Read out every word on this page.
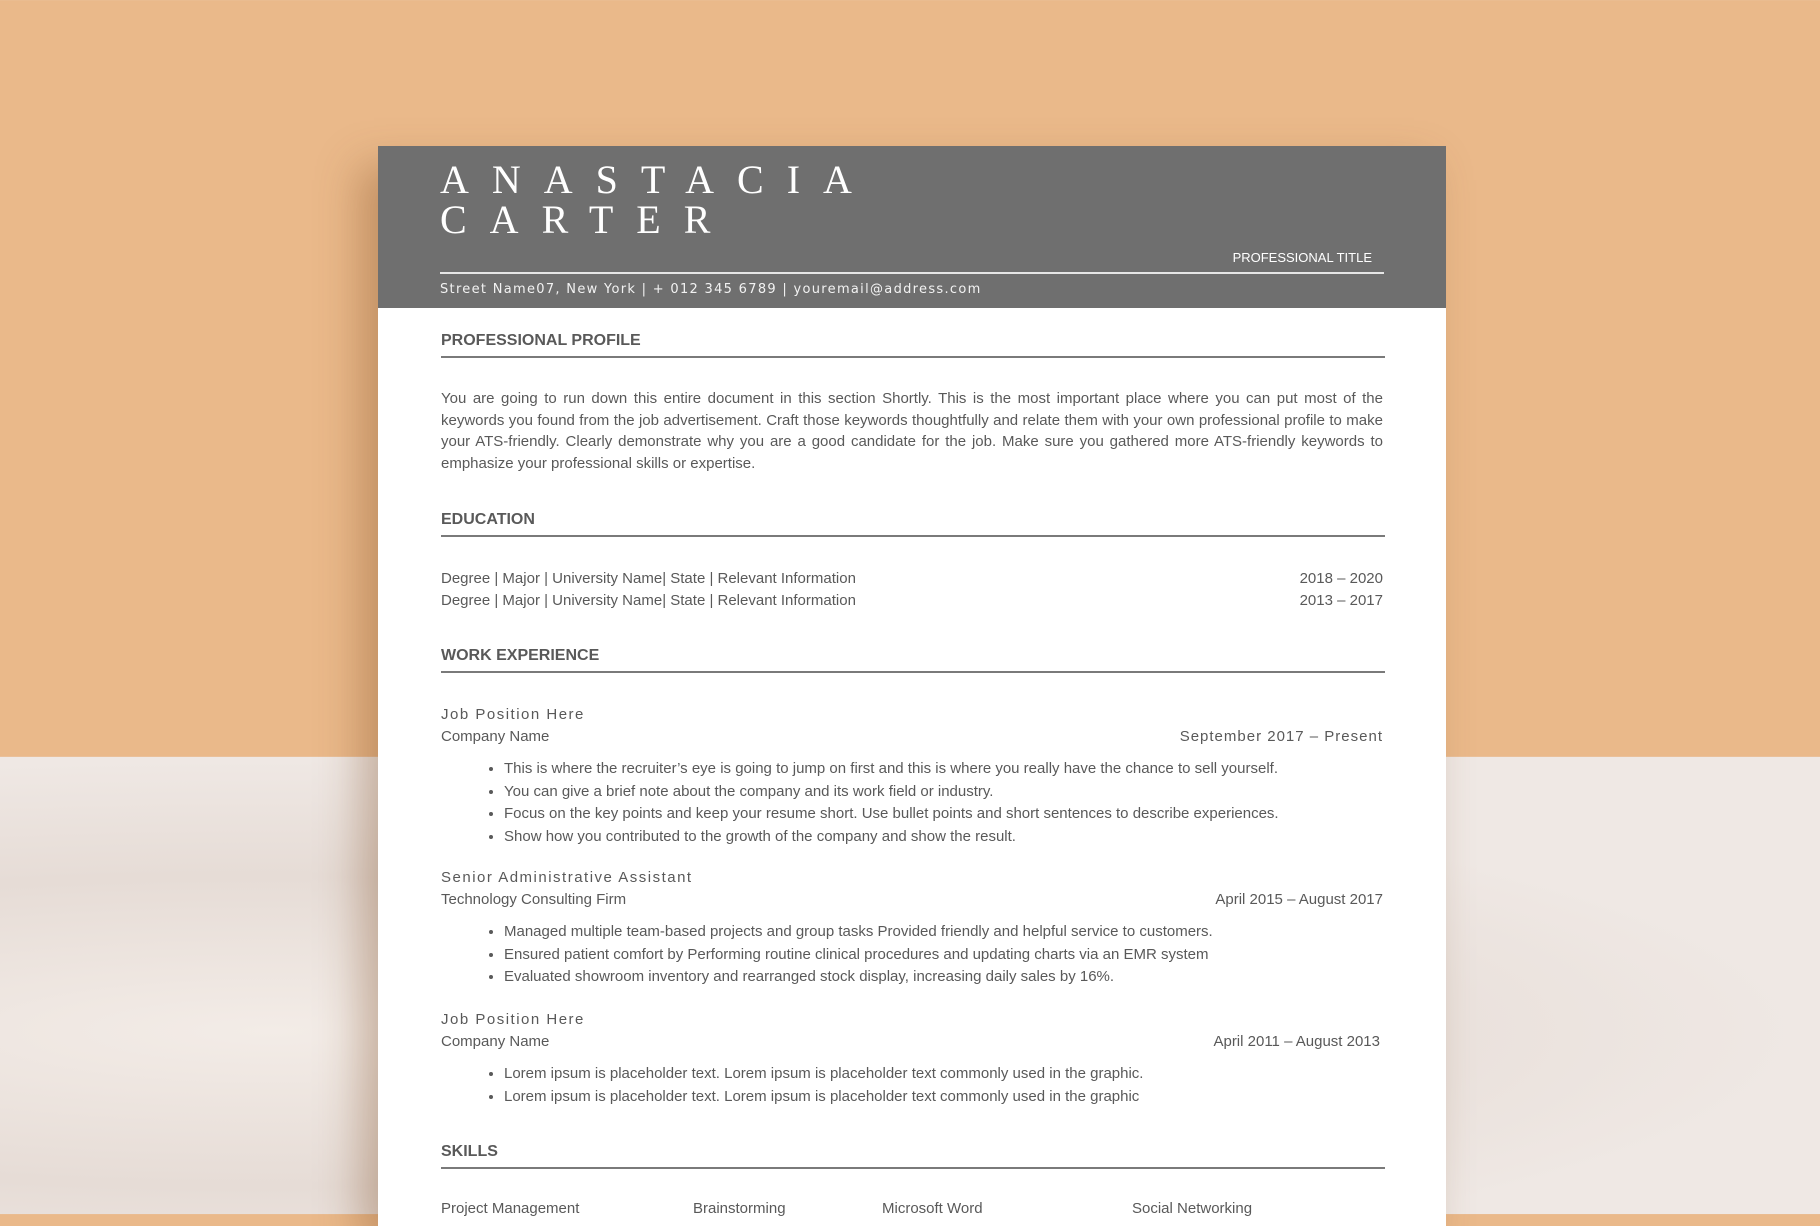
ANASTACIA
CARTER
PROFESSIONAL TITLE
Street Name07, New York | + 012 345 6789 | youremail@address.com
PROFESSIONAL PROFILE
You are going to run down this entire document in this section Shortly. This is the most important place where you can put most of the keywords you found from the job advertisement. Craft those keywords thoughtfully and relate them with your own professional profile to make your ATS-friendly. Clearly demonstrate why you are a good candidate for the job. Make sure you gathered more ATS-friendly keywords to emphasize your professional skills or expertise.
EDUCATION
Degree | Major | University Name| State | Relevant Information	2018 – 2020
Degree | Major | University Name| State | Relevant Information	2013 – 2017
WORK EXPERIENCE
Job Position Here
Company Name	September 2017 – Present
• This is where the recruiter’s eye is going to jump on first and this is where you really have the chance to sell yourself.
• You can give a brief note about the company and its work field or industry.
• Focus on the key points and keep your resume short. Use bullet points and short sentences to describe experiences.
• Show how you contributed to the growth of the company and show the result.
Senior Administrative Assistant
Technology Consulting Firm	April 2015 – August 2017
• Managed multiple team-based projects and group tasks Provided friendly and helpful service to customers.
• Ensured patient comfort by Performing routine clinical procedures and updating charts via an EMR system
• Evaluated showroom inventory and rearranged stock display, increasing daily sales by 16%.
Job Position Here
Company Name	April 2011 – August 2013
• Lorem ipsum is placeholder text. Lorem ipsum is placeholder text commonly used in the graphic.
• Lorem ipsum is placeholder text. Lorem ipsum is placeholder text commonly used in the graphic
SKILLS
Project Management	Brainstorming	Microsoft Word	Social Networking
